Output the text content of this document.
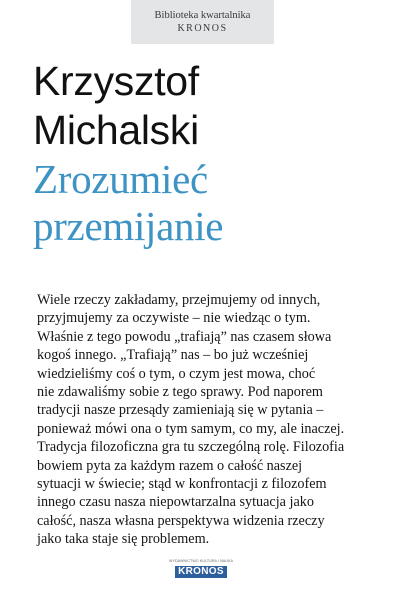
Biblioteka kwartalnika
KRONOS
Krzysztof
Michalski
Zrozumieć
przemijanie
Wiele rzeczy zakładamy, przejmujemy od innych,
przyjmujemy za oczywiste – nie wiedząc o tym.
Właśnie z tego powodu „trafiają” nas czasem słowa
kogoś innego. „Trafiają” nas – bo już wcześniej
wiedzieliśmy coś o tym, o czym jest mowa, choć
nie zdawaliśmy sobie z tego sprawy. Pod naporem
tradycji nasze przesądy zamieniają się w pytania –
ponieważ mówi ona o tym samym, co my, ale inaczej.
Tradycja filozoficzna gra tu szczególną rolę. Filozofia
bowiem pyta za każdym razem o całość naszej
sytuacji w świecie; stąd w konfrontacji z filozofem
innego czasu nasza niepowtarzalna sytuacja jako
całość, nasza własna perspektywa widzenia rzeczy
jako taka staje się problemem.
WYDAWNICTWO KULTURA I NAUKA
KRONOS
